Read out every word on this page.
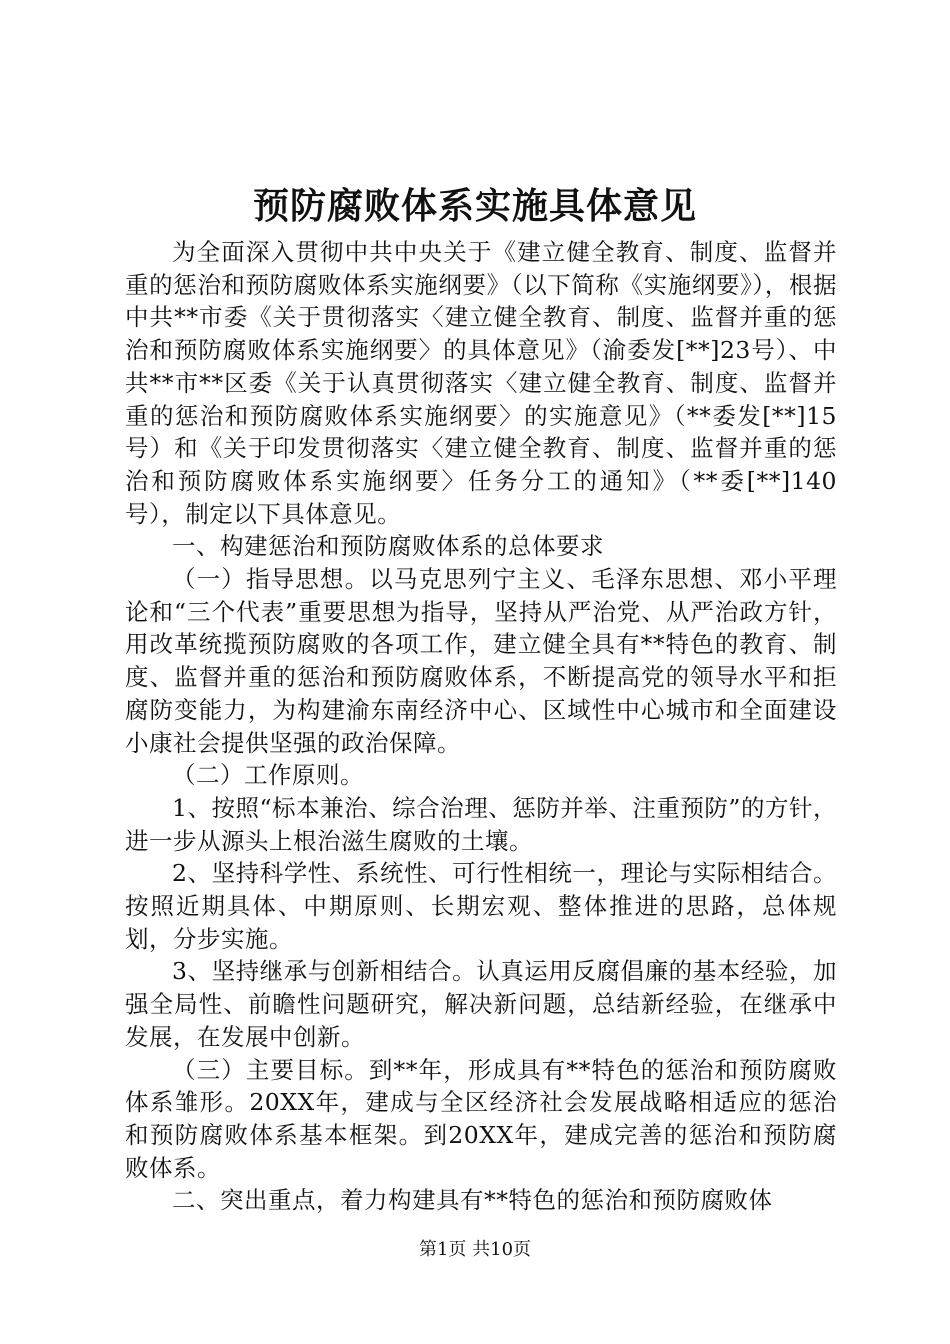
预防腐败体系实施具体意见

为全面深入贯彻中共中央关于《建立健全教育、制度、监督并重的惩治和预防腐败体系实施纲要》（以下简称《实施纲要》），根据中共**市委《关于贯彻落实〈建立健全教育、制度、监督并重的惩治和预防腐败体系实施纲要〉的具体意见》（渝委发[**]23号）、中共**市**区委《关于认真贯彻落实〈建立健全教育、制度、监督并重的惩治和预防腐败体系实施纲要〉的实施意见》（**委发[**]15号）和《关于印发贯彻落实〈建立健全教育、制度、监督并重的惩治和预防腐败体系实施纲要〉任务分工的通知》（**委[**]140号），制定以下具体意见。

一、构建惩治和预防腐败体系的总体要求

（一）指导思想。以马克思列宁主义、毛泽东思想、邓小平理论和“三个代表”重要思想为指导，坚持从严治党、从严治政方针，用改革统揽预防腐败的各项工作，建立健全具有**特色的教育、制度、监督并重的惩治和预防腐败体系，不断提高党的领导水平和拒腐防变能力，为构建渝东南经济中心、区域性中心城市和全面建设小康社会提供坚强的政治保障。

（二）工作原则。

1、按照“标本兼治、综合治理、惩防并举、注重预防”的方针，进一步从源头上根治滋生腐败的土壤。

2、坚持科学性、系统性、可行性相统一，理论与实际相结合。按照近期具体、中期原则、长期宏观、整体推进的思路，总体规划，分步实施。

3、坚持继承与创新相结合。认真运用反腐倡廉的基本经验，加强全局性、前瞻性问题研究，解决新问题，总结新经验，在继承中发展，在发展中创新。

（三）主要目标。到**年，形成具有**特色的惩治和预防腐败体系雏形。20XX年，建成与全区经济社会发展战略相适应的惩治和预防腐败体系基本框架。到20XX年，建成完善的惩治和预防腐败体系。

二、突出重点，着力构建具有**特色的惩治和预防腐败体

第1页 共10页
